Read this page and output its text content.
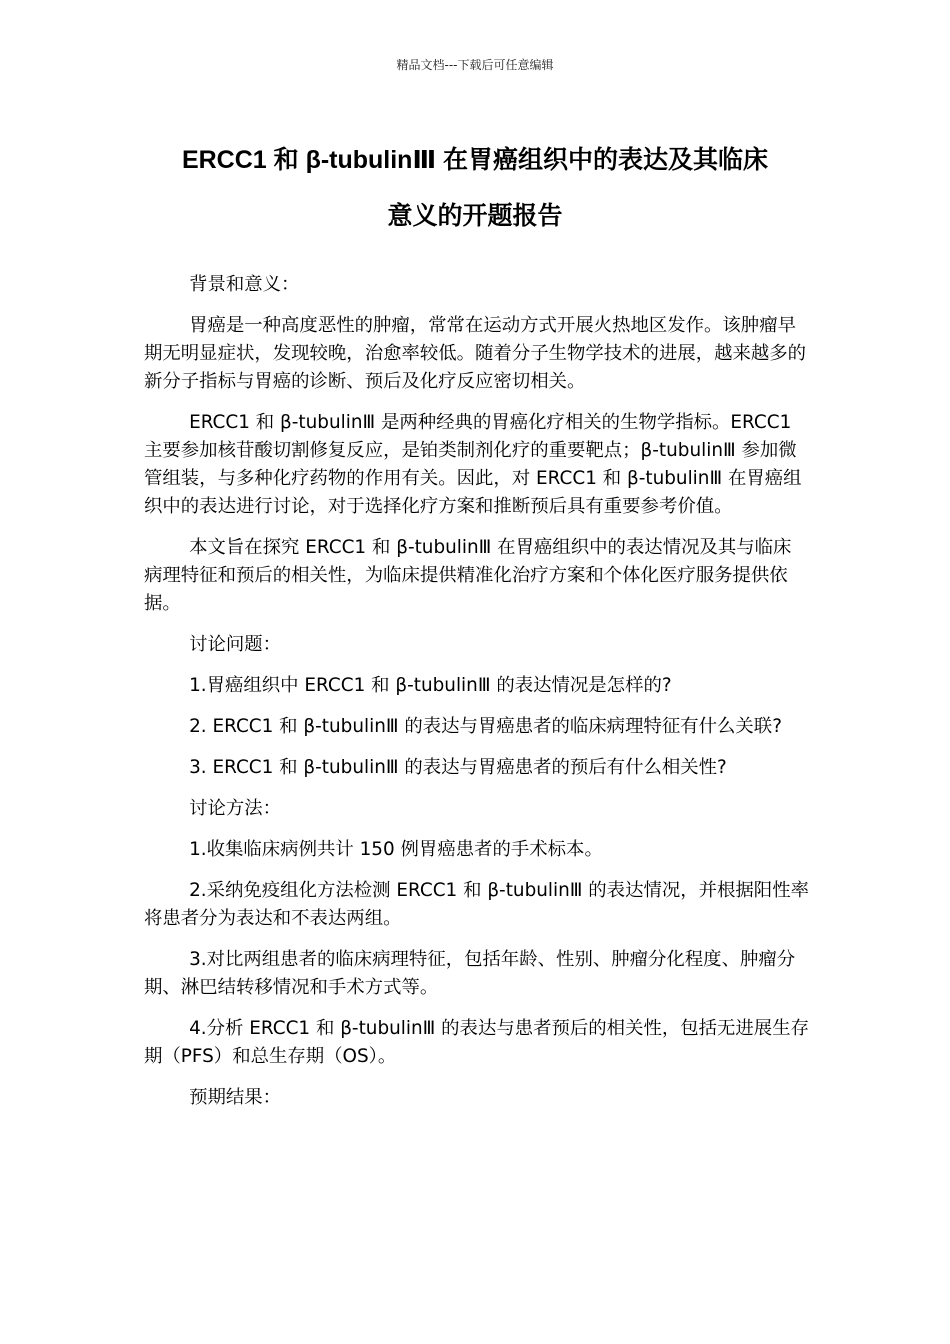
精品文档---下载后可任意编辑
ERCC1 和 β-tubulinⅢ 在胃癌组织中的表达及其临床
意义的开题报告

背景和意义：

胃癌是一种高度恶性的肿瘤，常常在运动方式开展火热地区发作。该肿瘤早期无明显症状，发现较晚，治愈率较低。随着分子生物学技术的进展，越来越多的新分子指标与胃癌的诊断、预后及化疗反应密切相关。

ERCC1 和 β-tubulinⅢ 是两种经典的胃癌化疗相关的生物学指标。ERCC1 主要参加核苷酸切割修复反应，是铂类制剂化疗的重要靶点；β-tubulinⅢ 参加微管组装，与多种化疗药物的作用有关。因此，对 ERCC1 和 β-tubulinⅢ 在胃癌组织中的表达进行讨论，对于选择化疗方案和推断预后具有重要参考价值。

本文旨在探究 ERCC1 和 β-tubulinⅢ 在胃癌组织中的表达情况及其与临床病理特征和预后的相关性，为临床提供精准化治疗方案和个体化医疗服务提供依据。

讨论问题：

1.胃癌组织中 ERCC1 和 β-tubulinⅢ 的表达情况是怎样的?

2. ERCC1 和 β-tubulinⅢ 的表达与胃癌患者的临床病理特征有什么关联?

3. ERCC1 和 β-tubulinⅢ 的表达与胃癌患者的预后有什么相关性?

讨论方法：

1.收集临床病例共计 150 例胃癌患者的手术标本。

2.采纳免疫组化方法检测 ERCC1 和 β-tubulinⅢ 的表达情况，并根据阳性率将患者分为表达和不表达两组。

3.对比两组患者的临床病理特征，包括年龄、性别、肿瘤分化程度、肿瘤分期、淋巴结转移情况和手术方式等。

4.分析 ERCC1 和 β-tubulinⅢ 的表达与患者预后的相关性，包括无进展生存期（PFS）和总生存期（OS）。

预期结果：
